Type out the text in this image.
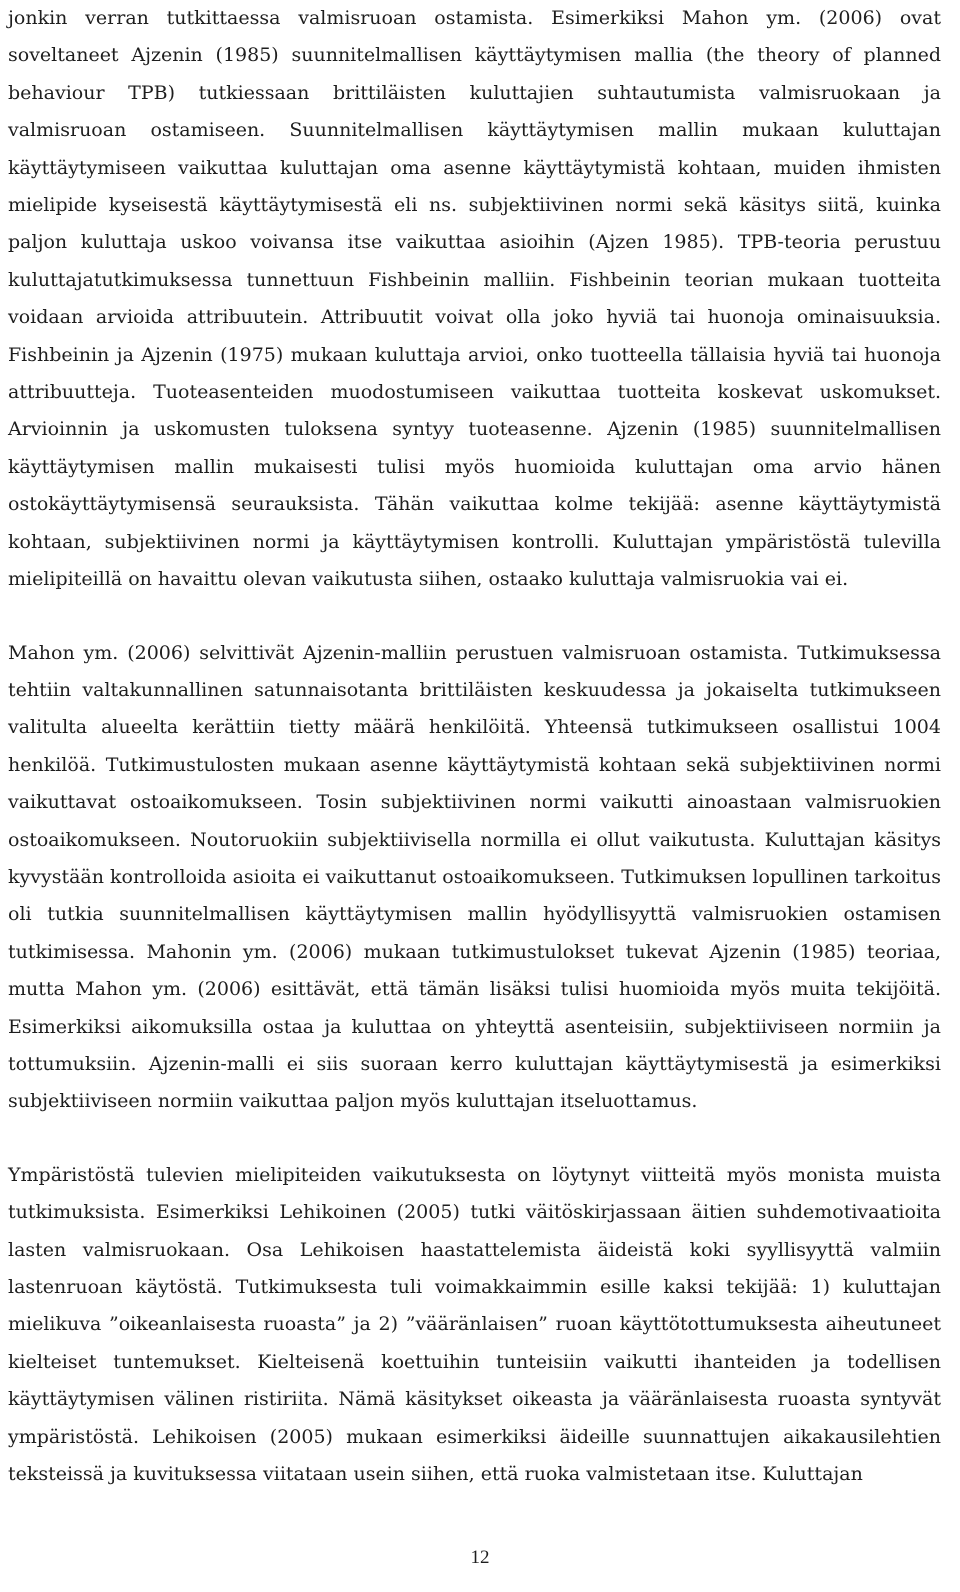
jonkin verran tutkittaessa valmisruoan ostamista. Esimerkiksi Mahon ym. (2006) ovat soveltaneet Ajzenin (1985) suunnitelmallisen käyttäytymisen mallia (the theory of planned behaviour TPB) tutkiessaan brittiläisten kuluttajien suhtautumista valmisruokaan ja valmisruoan ostamiseen. Suunnitelmallisen käyttäytymisen mallin mukaan kuluttajan käyttäytymiseen vaikuttaa kuluttajan oma asenne käyttäytymistä kohtaan, muiden ihmisten mielipide kyseisestä käyttäytymisestä eli ns. subjektiivinen normi sekä käsitys siitä, kuinka paljon kuluttaja uskoo voivansa itse vaikuttaa asioihin (Ajzen 1985). TPB-teoria perustuu kuluttajatutkimuksessa tunnettuun Fishbeinin malliin. Fishbeinin teorian mukaan tuotteita voidaan arvioida attribuutein. Attribuutit voivat olla joko hyviä tai huonoja ominaisuuksia. Fishbeinin ja Ajzenin (1975) mukaan kuluttaja arvioi, onko tuotteella tällaisia hyviä tai huonoja attribuutteja. Tuoteasenteiden muodostumiseen vaikuttaa tuotteita koskevat uskomukset. Arvioinnin ja uskomusten tuloksena syntyy tuoteasenne. Ajzenin (1985) suunnitelmallisen käyttäytymisen mallin mukaisesti tulisi myös huomioida kuluttajan oma arvio hänen ostokäyttäytymisensä seurauksista. Tähän vaikuttaa kolme tekijää: asenne käyttäytymistä kohtaan, subjektiivinen normi ja käyttäytymisen kontrolli. Kuluttajan ympäristöstä tulevilla mielipiteillä on havaittu olevan vaikutusta siihen, ostaako kuluttaja valmisruokia vai ei.

Mahon ym. (2006) selvittivät Ajzenin-malliin perustuen valmisruoan ostamista. Tutkimuksessa tehtiin valtakunnallinen satunnaisotanta brittiläisten keskuudessa ja jokaiselta tutkimukseen valitulta alueelta kerättiin tietty määrä henkilöitä. Yhteensä tutkimukseen osallistui 1004 henkilöä. Tutkimustulosten mukaan asenne käyttäytymistä kohtaan sekä subjektiivinen normi vaikuttavat ostoaikomukseen. Tosin subjektiivinen normi vaikutti ainoastaan valmisruokien ostoaikomukseen. Noutoruokiin subjektiivisella normilla ei ollut vaikutusta. Kuluttajan käsitys kyvystään kontrolloida asioita ei vaikuttanut ostoaikomukseen. Tutkimuksen lopullinen tarkoitus oli tutkia suunnitelmallisen käyttäytymisen mallin hyödyllisyyttä valmisruokien ostamisen tutkimisessa. Mahonin ym. (2006) mukaan tutkimustulokset tukevat Ajzenin (1985) teoriaa, mutta Mahon ym. (2006) esittävät, että tämän lisäksi tulisi huomioida myös muita tekijöitä. Esimerkiksi aikomuksilla ostaa ja kuluttaa on yhteyttä asenteisiin, subjektiiviseen normiin ja tottumuksiin. Ajzenin-malli ei siis suoraan kerro kuluttajan käyttäytymisestä ja esimerkiksi subjektiiviseen normiin vaikuttaa paljon myös kuluttajan itseluottamus.

Ympäristöstä tulevien mielipiteiden vaikutuksesta on löytynyt viitteitä myös monista muista tutkimuksista. Esimerkiksi Lehikoinen (2005) tutki väitöskirjassaan äitien suhdemotivaatioita lasten valmisruokaan. Osa Lehikoisen haastattelemista äideistä koki syyllisyyttä valmiin lastenruoan käytöstä. Tutkimuksesta tuli voimakkaimmin esille kaksi tekijää: 1) kuluttajan mielikuva ”oikeanlaisesta ruoasta” ja 2) ”vääränlaisen” ruoan käyttötottumuksesta aiheutuneet kielteiset tuntemukset. Kielteisenä koettuihin tunteisiin vaikutti ihanteiden ja todellisen käyttäytymisen välinen ristiriita. Nämä käsitykset oikeasta ja vääränlaisesta ruoasta syntyvät ympäristöstä. Lehikoisen (2005) mukaan esimerkiksi äideille suunnattujen aikakausilehtien teksteissä ja kuvituksessa viitataan usein siihen, että ruoka valmistetaan itse. Kuluttajan

12
